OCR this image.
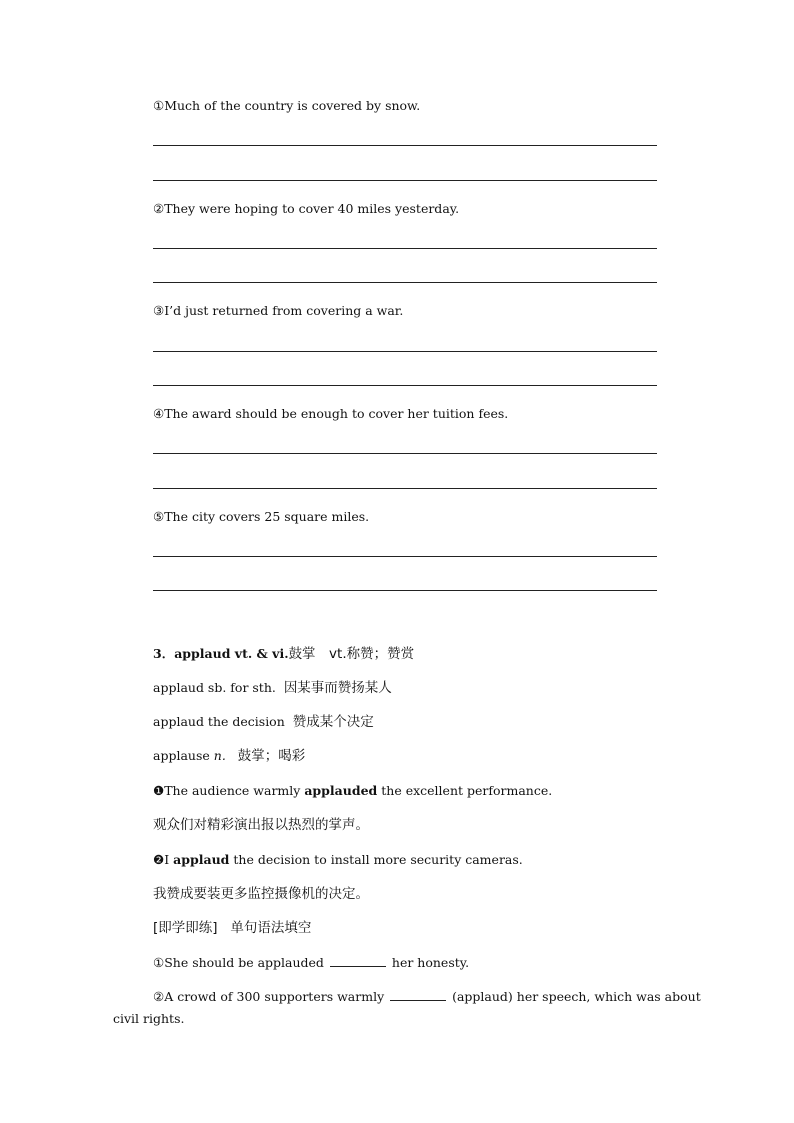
①Much of the country is covered by snow.
②They were hoping to cover 40 miles yesterday.
③I’d just returned from covering a war.
④The award should be enough to cover her tuition fees.
⑤The city covers 25 square miles.
3．applaud vt. & vi.鼓掌　vt.称赞；赞赏
applaud sb. for sth. 因某事而赞扬某人
applaud the decision 赞成某个决定
applause n. 鼓掌；喝彩
❶The audience warmly applauded the excellent performance.
观众们对精彩演出报以热烈的掌声。
❷I applaud the decision to install more security cameras.
我赞成要装更多监控摄像机的决定。
[即学即练] 单句语法填空
①She should be applauded	her honesty.
②A crowd of 300 supporters warmly	(applaud) her speech, which was about
civil rights.
